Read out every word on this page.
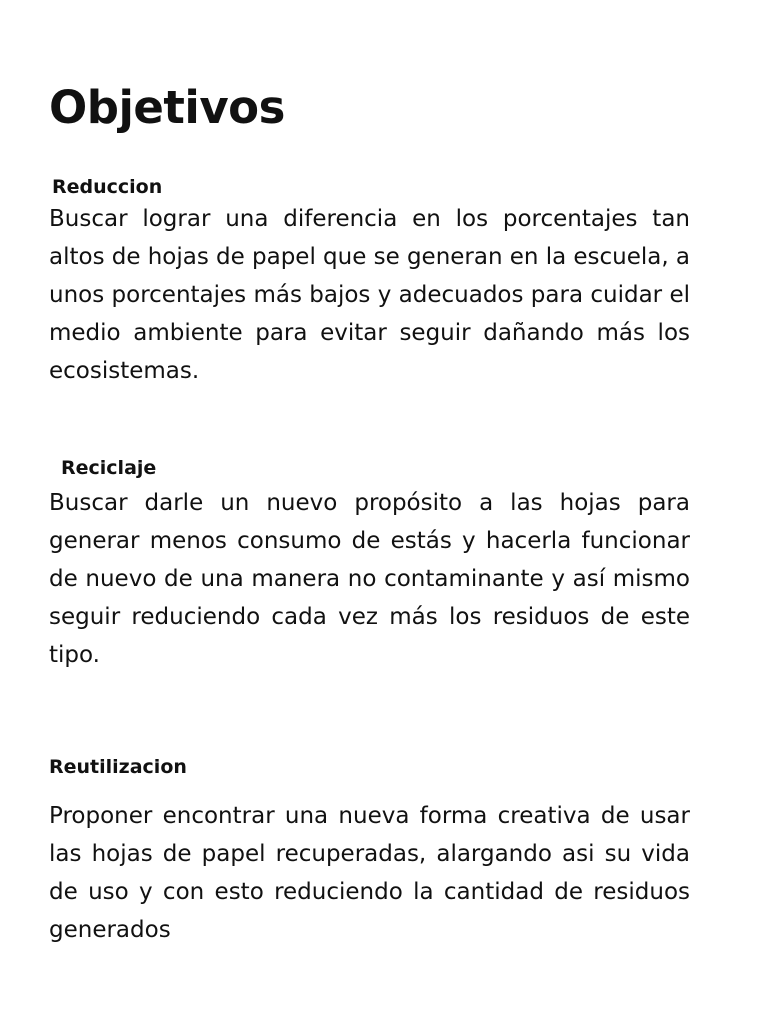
Objetivos
Reduccion

Buscar lograr una diferencia en los porcentajes tan altos de hojas de papel que se generan en la escuela, a unos porcentajes más bajos y adecuados para cuidar el medio ambiente para evitar seguir dañando más los ecosistemas.

Reciclaje

Buscar darle un nuevo propósito a las hojas para generar menos consumo de estás y hacerla funcionar de nuevo de una manera no contaminante y así mismo seguir reduciendo cada vez más los residuos de este tipo.

Reutilizacion

Proponer encontrar una nueva forma creativa de usar las hojas de papel recuperadas, alargando asi su vida de uso y con esto reduciendo la cantidad de residuos generados
